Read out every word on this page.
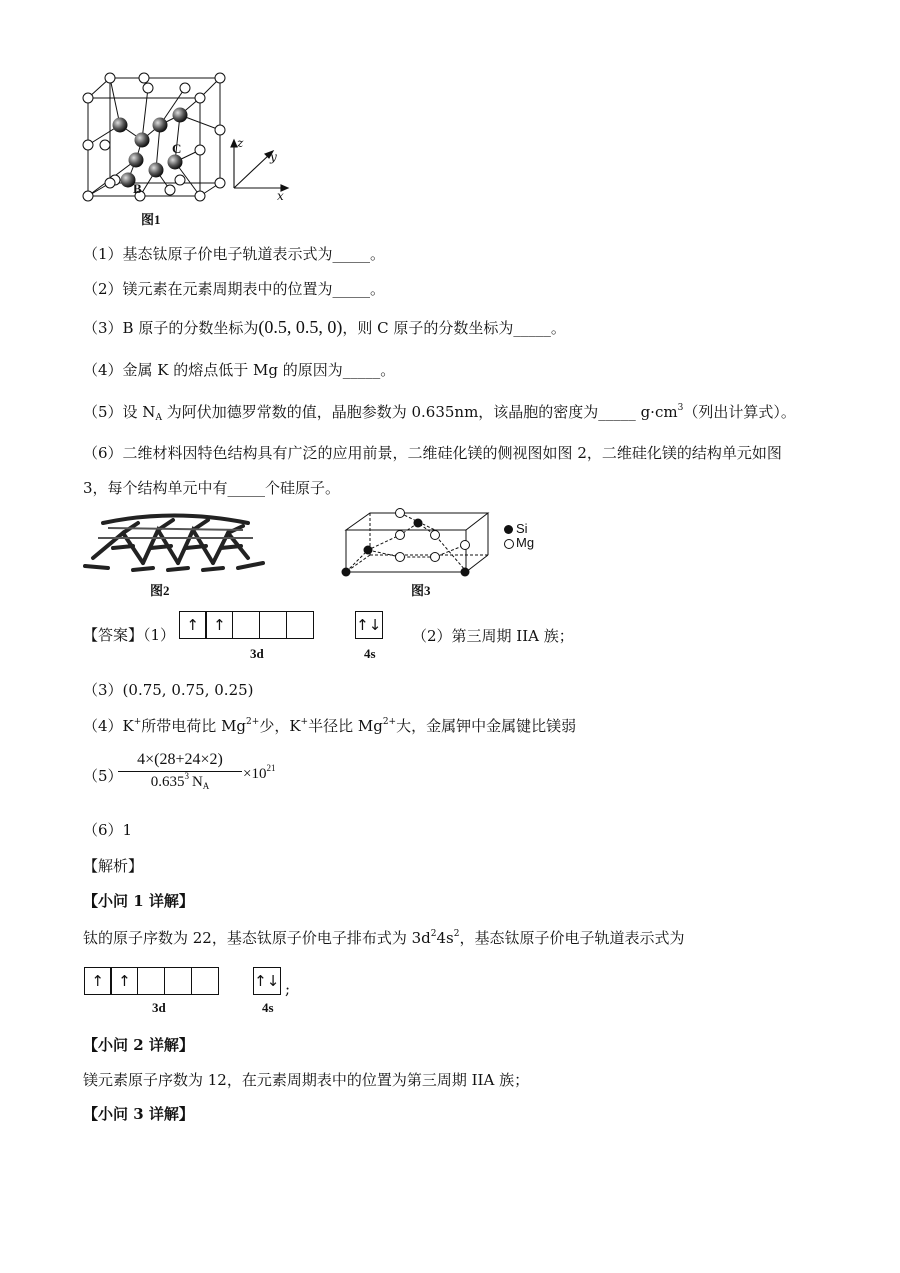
C
B
z
y
x
图1
（1）基态钛原子价电子轨道表示式为_____。
（2）镁元素在元素周期表中的位置为_____。
（3）B 原子的分数坐标为(0.5, 0.5, 0)，则 C 原子的分数坐标为_____。
（4）金属 K 的熔点低于 Mg 的原因为_____。
（5）设 $N_A$ 为阿伏加德罗常数的值，晶胞参数为 0.635nm，该晶胞的密度为_____ $g\cdot cm^3$（列出计算式）。
（6）二维材料因特色结构具有广泛的应用前景，二维硅化镁的侧视图如图 2，二维硅化镁的结构单元如图
3，每个结构单元中有_____个硅原子。
图2
Si
Mg
图3
【答案】（1）
↑ ↑	↑↓
3d	4s
（2）第三周期 IIA 族；
（3）(0.75, 0.75, 0.25)
（4）K+所带电荷比 $Mg^{2+}$少，K+半径比 $Mg^{2+}$大，金属钾中金属键比镁弱
（5）
4×(28+24×2)
0.635$^3$ $N_A$
$\times 10^{21}$
（6）1
【解析】
【小问 1 详解】
钛的原子序数为 22，基态钛原子价电子排布式为 $3d^24s^2$，基态钛原子价电子轨道表示式为
↑ ↑	↑↓ ;
3d	4s
【小问 2 详解】
镁元素原子序数为 12，在元素周期表中的位置为第三周期 IIA 族；
【小问 3 详解】
